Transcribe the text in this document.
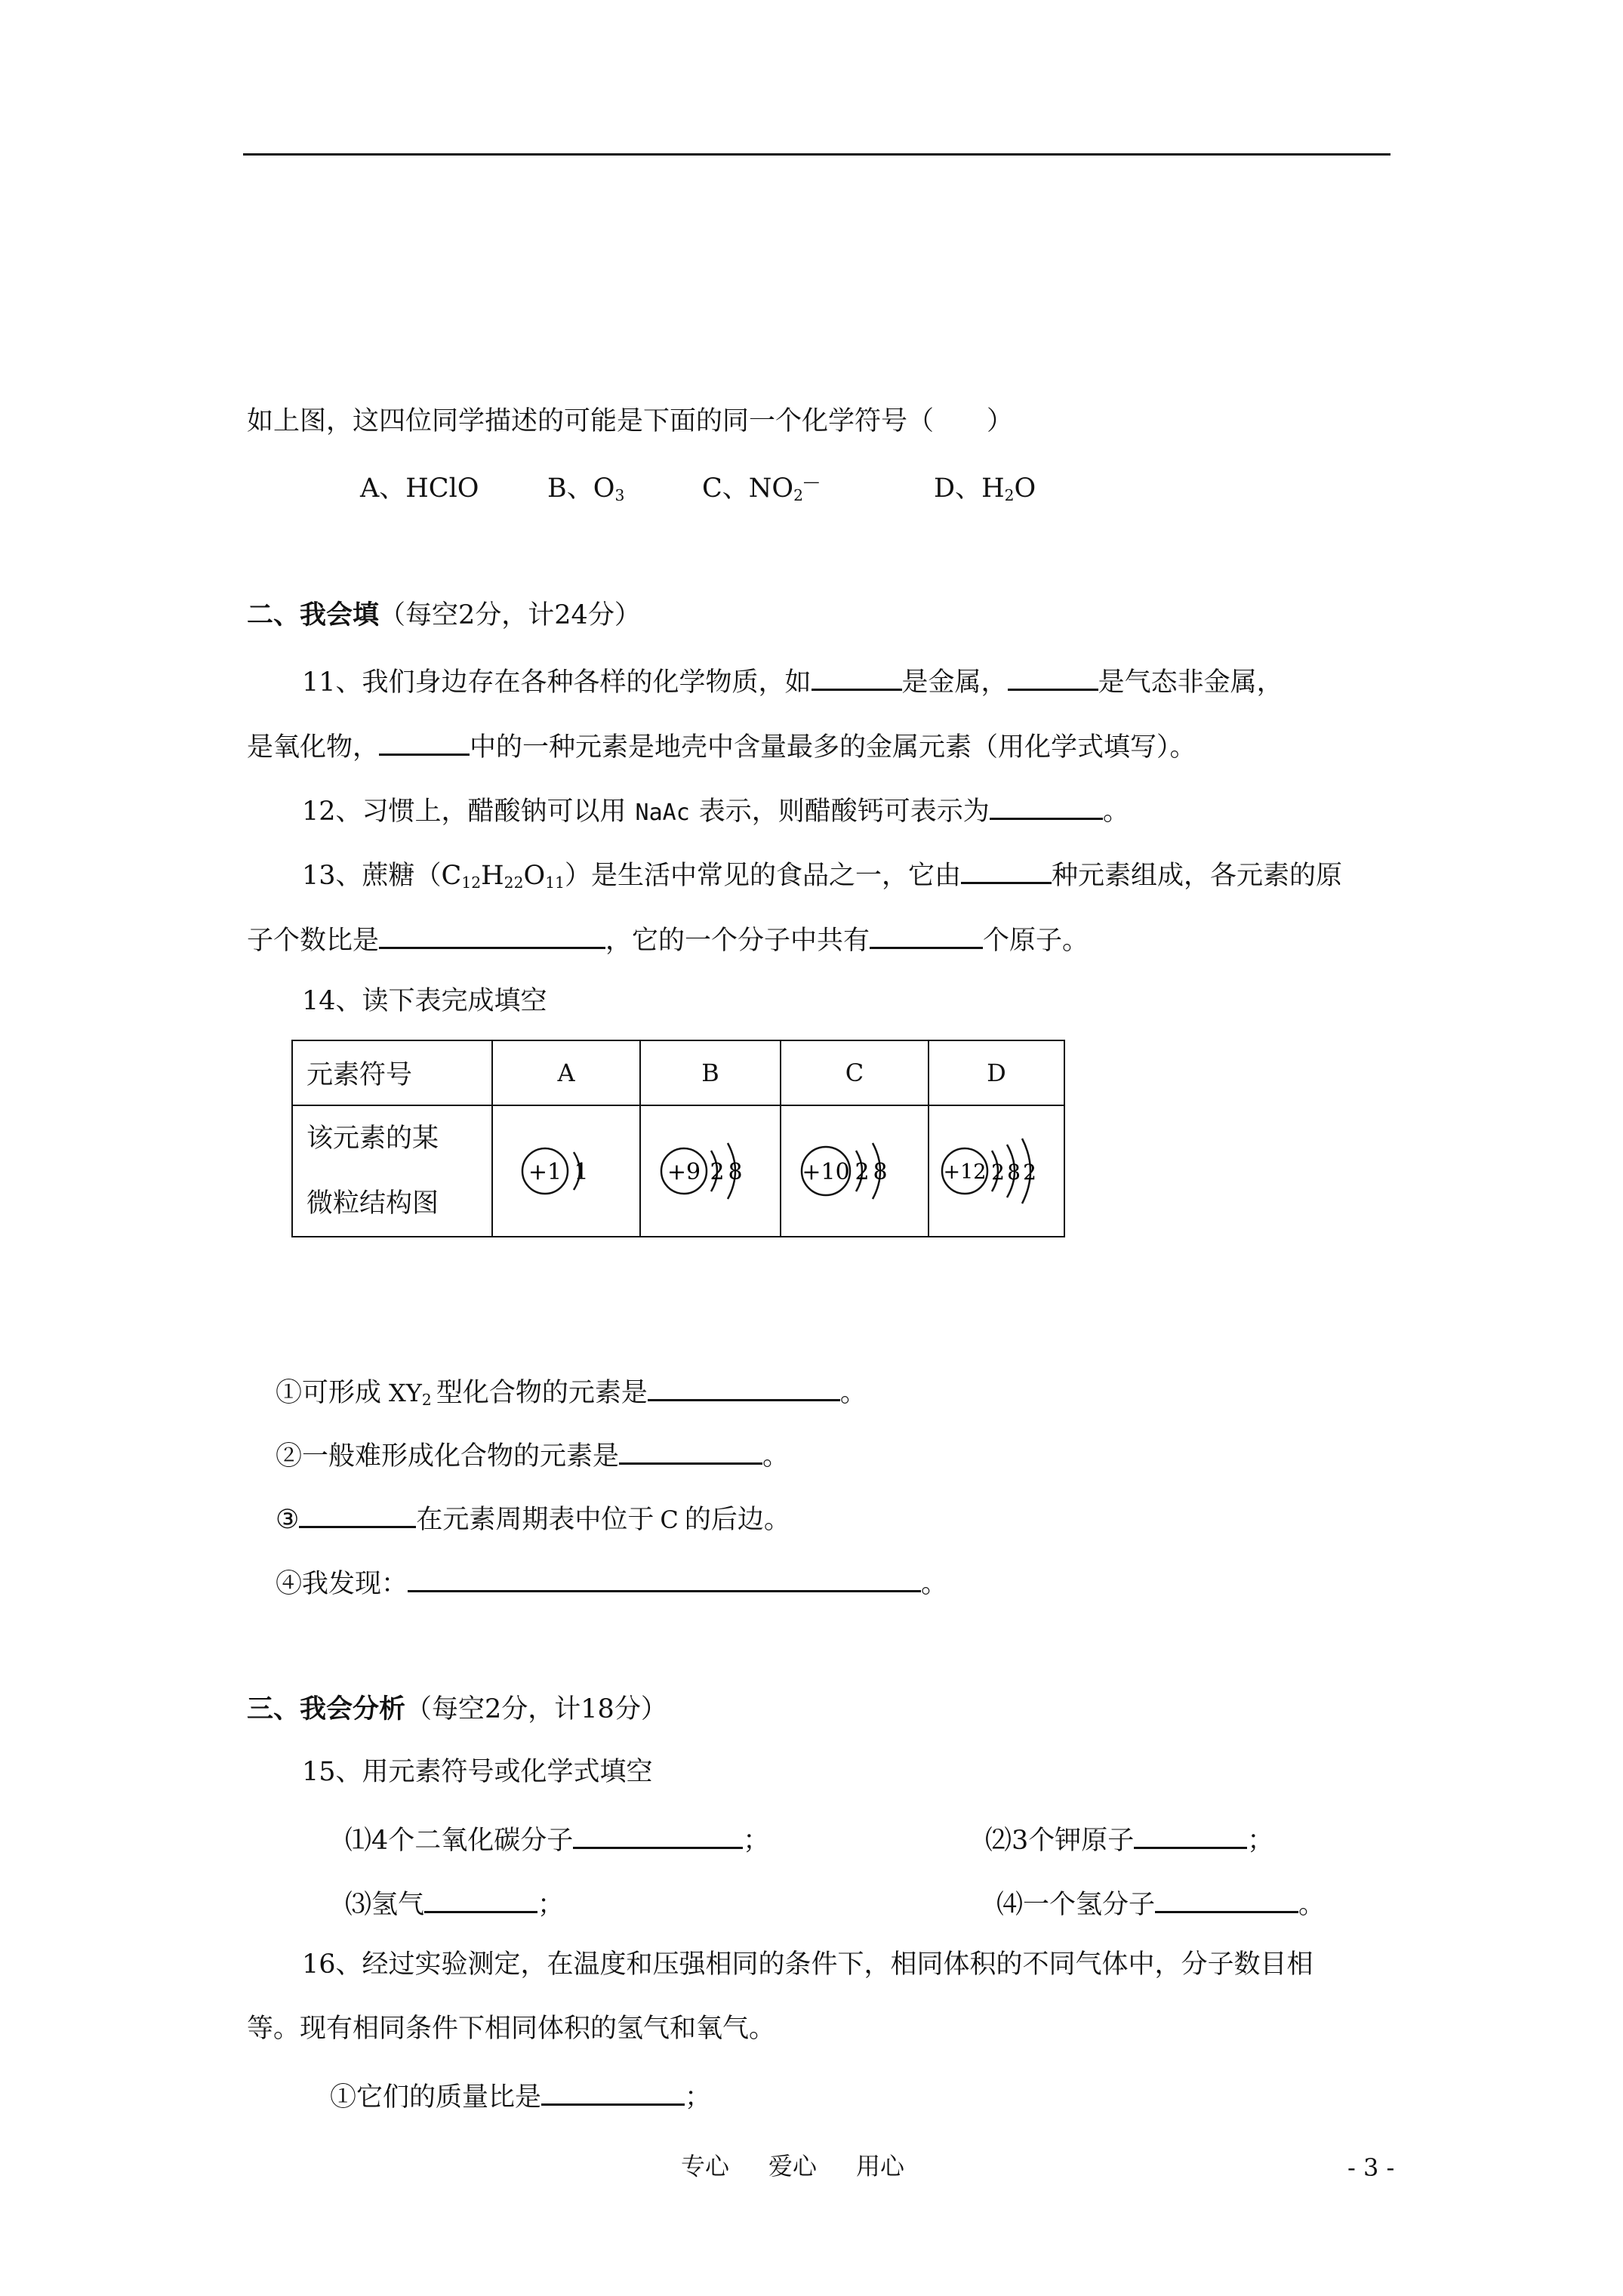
如上图，这四位同学描述的可能是下面的同一个化学符号（　　）
A、HClO	B、$O_3$	C、$NO_2^—$	D、$H_2O$
二、我会填（每空2分，计24分）
11、我们身边存在各种各样的化学物质，如	是金属，	是气态非金属，
是氧化物，	中的一种元素是地壳中含量最多的金属元素（用化学式填写）。
12、习惯上，醋酸钠可以用 NaAc 表示，则醋酸钙可表示为	。
13、蔗糖$(C_{12}H_{22}O_{11})$是生活中常见的食品之一，它由	种元素组成，各元素的原
子个数比是	，它的一个分子中共有	个原子。
14、读下表完成填空
元素符号	A	B	C	D

该元素的某
微粒结构图	+1 1	+9 2 8	+10 2 8	+12 2 8 2
①可形成 $XY_2$ 型化合物的元素是	。
②一般难形成化合物的元素是	。
③	在元素周期表中位于 C 的后边。
④我发现：	。
三、我会分析（每空2分，计18分）
15、用元素符号或化学式填空
⑴4个二氧化碳分子	；	⑵3个钾原子	；
⑶氢气	；	⑷一个氢分子	。
16、经过实验测定，在温度和压强相同的条件下，相同体积的不同气体中，分子数目相
等。现有相同条件下相同体积的氢气和氧气。
①它们的质量比是	；
专心 爱心 用心	- 3 -
